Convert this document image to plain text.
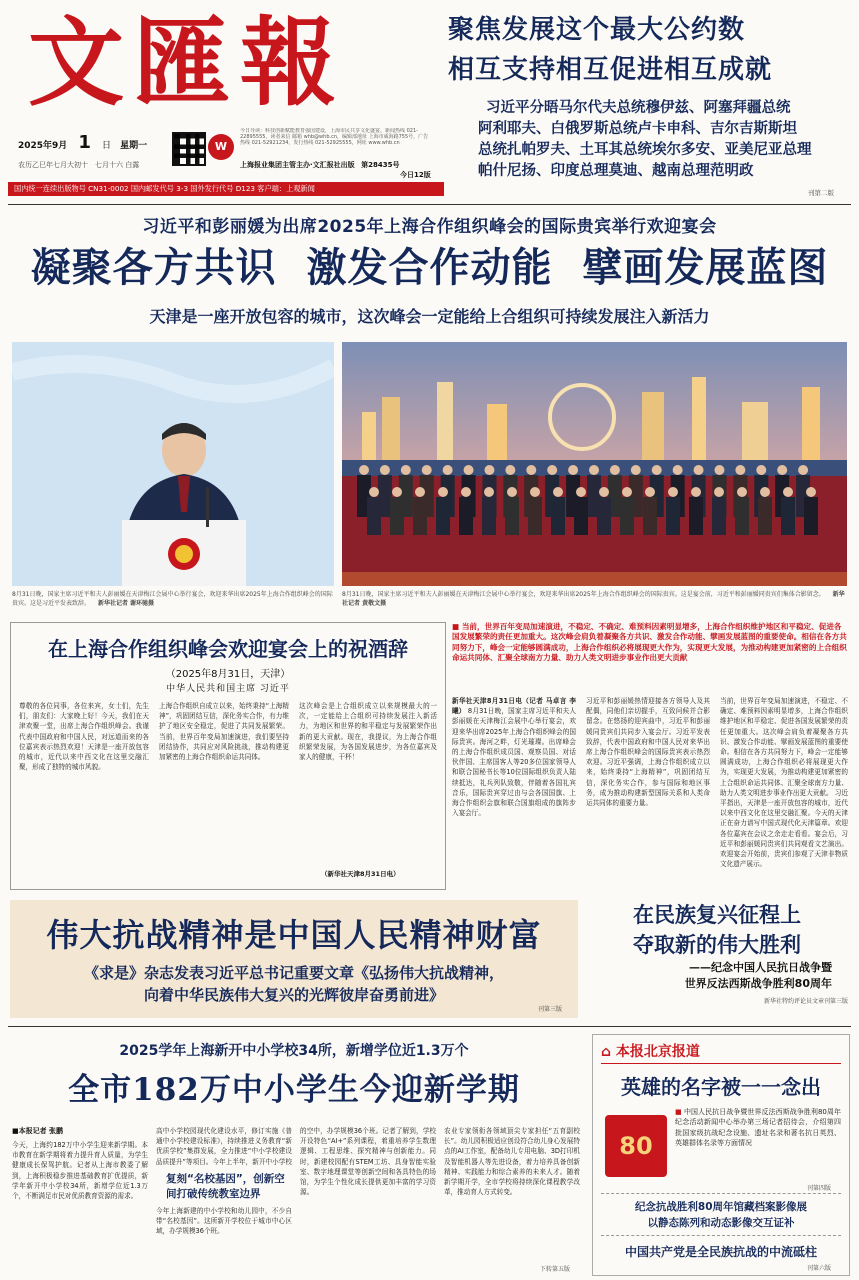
文匯報
2025年9月 1 日 星期一
农历乙巳年七月大初十　七月十六 白露
W
今日导读：科技创新赋能教育强国建设，上海市民共享文化盛宴。新闻热线 021-22895555，读者来信 邮箱 whb@whb.cn，编辑部地址 上海市威海路755号，广告热线 021-52921234，发行热线 021-52925555，网址 www.whb.cn
上海报业集团主管主办·文汇报社出版 第28435号
今日12版
国内统一连续出版物号 CN31-0002 国内邮发代号 3-3 国外发行代号 D123 客户端：上观新闻
聚焦发展这个最大公约数
相互支持相互促进相互成就
习近平分晤马尔代夫总统穆伊兹、阿塞拜疆总统
阿利耶夫、白俄罗斯总统卢卡申科、吉尔吉斯斯坦
总统扎帕罗夫、土耳其总统埃尔多安、亚美尼亚总理
帕什尼扬、印度总理莫迪、越南总理范明政
刊第二版
习近平和彭丽媛为出席2025年上海合作组织峰会的国际贵宾举行欢迎宴会
凝聚各方共识  激发合作动能  擘画发展蓝图
天津是一座开放包容的城市，这次峰会一定能给上合组织可持续发展注入新活力
8月31日晚，国家主席习近平和夫人彭丽媛在天津梅江会展中心举行宴会，欢迎来华出席2025年上海合作组织峰会的国际贵宾。这是习近平发表致辞。 新华社记者 谢环驰摄
8月31日晚，国家主席习近平和夫人彭丽媛在天津梅江会展中心举行宴会，欢迎来华出席2025年上海合作组织峰会的国际贵宾。这是宴会前，习近平和彭丽媛同贵宾们集体合影留念。 新华社记者 黄敬文摄
在上海合作组织峰会欢迎宴会上的祝酒辞
（2025年8月31日，天津）
中华人民共和国主席 习近平
尊敬的各位同事，各位来宾，女士们，先生们，朋友们：大家晚上好！今天，我们在天津欢聚一堂，出席上海合作组织峰会。我谨代表中国政府和中国人民，对远道而来的各位嘉宾表示热烈欢迎！天津是一座开放包容的城市，近代以来中西文化在这里交融汇聚，形成了独特的城市风貌。
上海合作组织自成立以来，始终秉持“上海精神”，巩固团结互信，深化务实合作，有力维护了地区安全稳定，促进了共同发展繁荣。当前，世界百年变局加速演进，我们要坚持团结协作，共同应对风险挑战，推动构建更加紧密的上海合作组织命运共同体。
这次峰会是上合组织成立以来规模最大的一次，一定能给上合组织可持续发展注入新活力，为地区和世界的和平稳定与发展繁荣作出新的更大贡献。现在，我提议，为上海合作组织繁荣发展，为各国发展进步，为各位嘉宾及家人的健康，干杯！
（新华社天津8月31日电）
■ 当前，世界百年变局加速演进，不稳定、不确定、难预料因素明显增多，上海合作组织维护地区和平稳定、促进各国发展繁荣的责任更加重大。这次峰会肩负着凝聚各方共识、激发合作动能、擘画发展蓝图的重要使命。相信在各方共同努力下，峰会一定能够圆满成功，上海合作组织必将展现更大作为，实现更大发展，为推动构建更加紧密的上合组织命运共同体、汇聚全球南方力量、助力人类文明进步事业作出更大贡献
新华社天津8月31日电（记者 马卓言 李曦） 8月31日晚，国家主席习近平和夫人彭丽媛在天津梅江会展中心举行宴会，欢迎来华出席2025年上海合作组织峰会的国际贵宾。海河之畔，灯光璀璨。出席峰会的上海合作组织成员国、观察员国、对话伙伴国、主席国客人等20多位国家领导人和联合国秘书长等10位国际组织负责人陆续抵达，礼兵列队致敬，伴随着各国礼宾音乐，国际贵宾穿过由与会各国国旗、上海合作组织会旗和联合国旗组成的旗阵步入宴会厅。
习近平和彭丽媛热情迎接各方领导人及其配偶，同他们亲切握手，互致问候并合影留念。在悠扬的迎宾曲中，习近平和彭丽媛同贵宾们共同步入宴会厅。习近平发表致辞，代表中国政府和中国人民对来华出席上海合作组织峰会的国际贵宾表示热烈欢迎。习近平强调，上海合作组织成立以来，始终秉持“上海精神”，巩固团结互信，深化务实合作，参与国际和地区事务，成为推动构建新型国际关系和人类命运共同体的重要力量。
当前，世界百年变局加速演进，不稳定、不确定、难预料因素明显增多，上海合作组织维护地区和平稳定、促进各国发展繁荣的责任更加重大。这次峰会肩负着凝聚各方共识、激发合作动能、擘画发展蓝图的重要使命。相信在各方共同努力下，峰会一定能够圆满成功，上海合作组织必将展现更大作为，实现更大发展，为推动构建更加紧密的上合组织命运共同体、汇聚全球南方力量、助力人类文明进步事业作出更大贡献。 习近平指出，天津是一座开放包容的城市，近代以来中西文化在这里交融汇聚。今天的天津正在奋力谱写中国式现代化天津篇章。欢迎各位嘉宾在会议之余走走看看。宴会后，习近平和彭丽媛同贵宾们共同观看文艺演出。欢迎宴会开始前，贵宾们参观了天津非物质文化遗产展示。
伟大抗战精神是中国人民精神财富
《求是》杂志发表习近平总书记重要文章《弘扬伟大抗战精神，
向着中华民族伟大复兴的光辉彼岸奋勇前进》
刊第三版
在民族复兴征程上
夺取新的伟大胜利
——纪念中国人民抗日战争暨
世界反法西斯战争胜利80周年
新华社特约评论员文章刊第三版
2025学年上海新开中小学校34所，新增学位近1.3万个
全市182万中小学生今迎新学期
■本报记者 张鹏
今天，上海约182万中小学生迎来新学期。本市教育在新学期将着力提升育人质量，为学生健康成长保驾护航。记者从上海市教委了解到，上海积极稳步推进基础教育扩优提质，新学年新开中小学校34所，新增学位近1.3万个，不断满足市民对优质教育资源的需求。
高中小学校园现代化建设水平，修订实施《普通中小学校建设标准》，持续推进义务教育“新优质学校”集群发展，全力推进“中小学校建设品质提升”等项目。今年上半年，新开中小学校
复刻“名校基因”，创新空
间打破传统教室边界
今年上海新建的中小学校和幼儿园中，不少自带“名校基因”。这所新开学校位于城市中心区域，办学规模36个班。
的空中，办学规模36个班。记者了解到，学校开设特色“AI+”系列课程，着重培养学生数理逻辑、工程思维、探究精神与创新能力。同时，新建校园配有STEM工坊、具身智能实验室、数字地理课堂等创新空间和各具特色的场馆，为学生个性化成长提供更加丰富的学习资源。
农业专家领衔各领域顶尖专家担任“五育副校长”。幼儿园积极适应创设符合幼儿身心发展特点的AI工作室，配备幼儿专用电脑、3D打印机及智能机器人等先进设备，着力培养具备创新精神、实践能力和综合素养的未来人才。随着新学期开学，全市学校将持续深化课程教学改革，推动育人方式转变。
下转第五版
⌂ 本报北京报道
英雄的名字被一一念出
80
■ 中国人民抗日战争暨世界反法西斯战争胜利80周年纪念活动新闻中心举办第三场记者招待会，介绍第四批国家级抗战纪念设施、遗址名录和著名抗日英烈、英雄群体名录等方面情况
刊第四版
纪念抗战胜利80周年馆藏档案影像展
以静态陈列和动态影像交互证补
中国共产党是全民族抗战的中流砥柱
刊第六版
